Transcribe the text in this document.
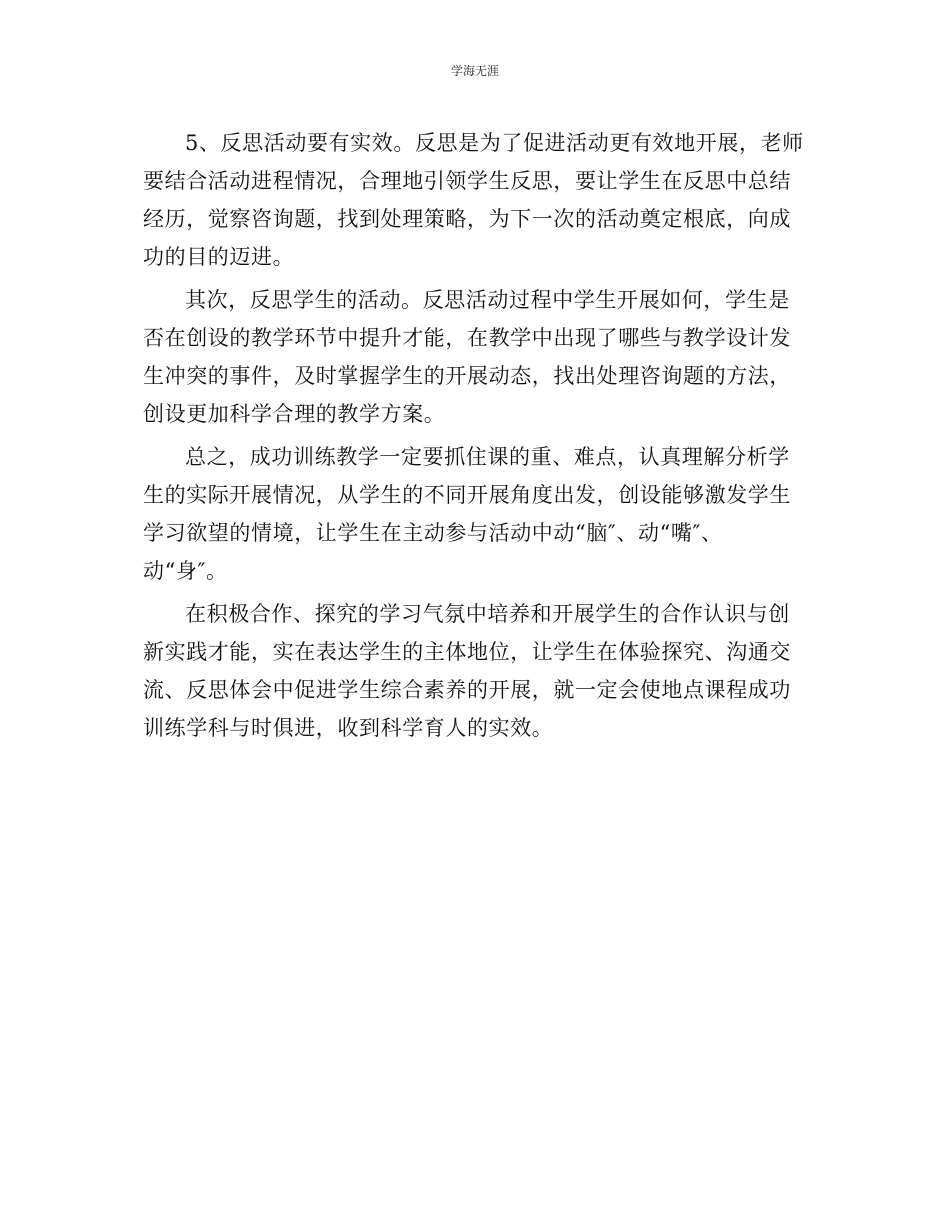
学海无涯

5、反思活动要有实效。反思是为了促进活动更有效地开展，老师
要结合活动进程情况，合理地引领学生反思，要让学生在反思中总结
经历，觉察咨询题，找到处理策略，为下一次的活动奠定根底，向成
功的目的迈进。

其次，反思学生的活动。反思活动过程中学生开展如何，学生是
否在创设的教学环节中提升才能，在教学中出现了哪些与教学设计发
生冲突的事件，及时掌握学生的开展动态，找出处理咨询题的方法，
创设更加科学合理的教学方案。

总之，成功训练教学一定要抓住课的重、难点，认真理解分析学
生的实际开展情况，从学生的不同开展角度出发，创设能够激发学生
学习欲望的情境，让学生在主动参与活动中动“脑″、动“嘴″、
动“身″。

在积极合作、探究的学习气氛中培养和开展学生的合作认识与创
新实践才能，实在表达学生的主体地位，让学生在体验探究、沟通交
流、反思体会中促进学生综合素养的开展，就一定会使地点课程成功
训练学科与时俱进，收到科学育人的实效。
